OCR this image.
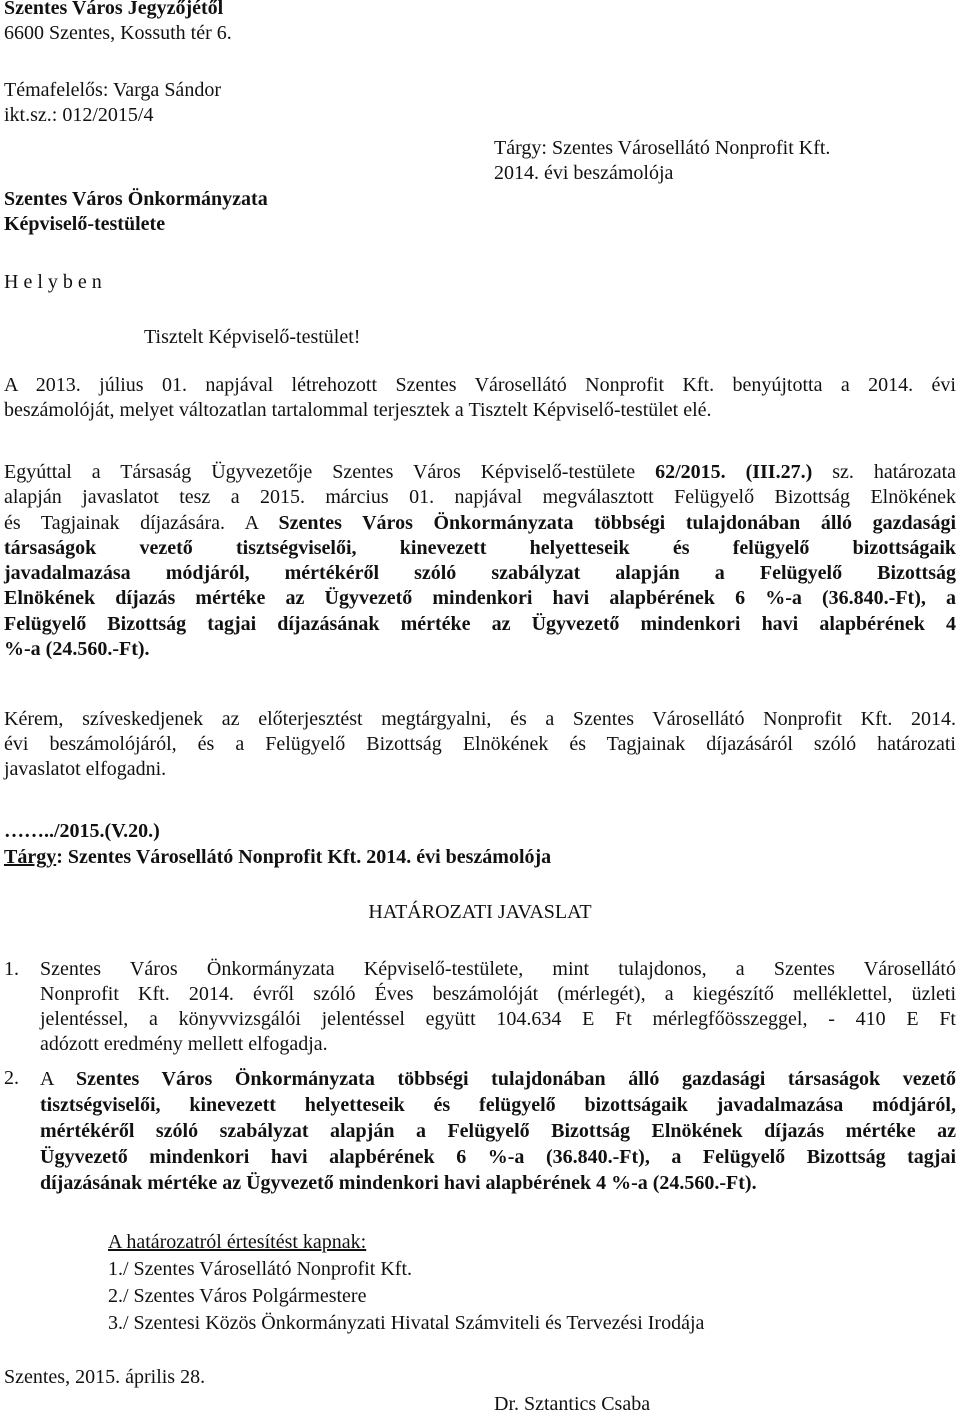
Szentes Város Jegyzőjétől
6600 Szentes, Kossuth tér 6.
Témafelelős: Varga Sándor
ikt.sz.: 012/2015/4
Tárgy: Szentes Városellátó Nonprofit Kft.
2014. évi beszámolója
Szentes Város Önkormányzata
Képviselő-testülete
H e l y b e n
Tisztelt Képviselő-testület!
A 2013. július 01. napjával létrehozott Szentes Városellátó Nonprofit Kft. benyújtotta a 2014. évi
beszámolóját, melyet változatlan tartalommal terjesztek a Tisztelt Képviselő-testület elé.
Egyúttal a Társaság Ügyvezetője Szentes Város Képviselő-testülete 62/2015. (III.27.) sz. határozata
alapján javaslatot tesz a 2015. március 01. napjával megválasztott Felügyelő Bizottság Elnökének
és Tagjainak díjazására. A Szentes Város Önkormányzata többségi tulajdonában álló gazdasági
társaságok vezető tisztségviselői, kinevezett helyetteseik és felügyelő bizottságaik
javadalmazása módjáról, mértékéről szóló szabályzat alapján a Felügyelő Bizottság
Elnökének díjazás mértéke az Ügyvezető mindenkori havi alapbérének 6 %-a (36.840.-Ft), a
Felügyelő Bizottság tagjai díjazásának mértéke az Ügyvezető mindenkori havi alapbérének 4
%-a (24.560.-Ft).
Kérem, szíveskedjenek az előterjesztést megtárgyalni, és a Szentes Városellátó Nonprofit Kft. 2014.
évi beszámolójáról, és a Felügyelő Bizottság Elnökének és Tagjainak díjazásáról szóló határozati
javaslatot elfogadni.
……../2015.(V.20.)
Tárgy: Szentes Városellátó Nonprofit Kft. 2014. évi beszámolója
HATÁROZATI JAVASLAT
1. Szentes Város Önkormányzata Képviselő-testülete, mint tulajdonos, a Szentes Városellátó
Nonprofit Kft. 2014. évről szóló Éves beszámolóját (mérlegét), a kiegészítő melléklettel, üzleti
jelentéssel, a könyvvizsgálói jelentéssel együtt 104.634 E Ft mérlegfőösszeggel, - 410 E Ft
adózott eredmény mellett elfogadja.
2. A Szentes Város Önkormányzata többségi tulajdonában álló gazdasági társaságok vezető
tisztségviselői, kinevezett helyetteseik és felügyelő bizottságaik javadalmazása módjáról,
mértékéről szóló szabályzat alapján a Felügyelő Bizottság Elnökének díjazás mértéke az
Ügyvezető mindenkori havi alapbérének 6 %-a (36.840.-Ft), a Felügyelő Bizottság tagjai
díjazásának mértéke az Ügyvezető mindenkori havi alapbérének 4 %-a (24.560.-Ft).
A határozatról értesítést kapnak:
1./ Szentes Városellátó Nonprofit Kft.
2./ Szentes Város Polgármestere
3./ Szentesi Közös Önkormányzati Hivatal Számviteli és Tervezési Irodája
Szentes, 2015. április 28.
Dr. Sztantics Csaba
